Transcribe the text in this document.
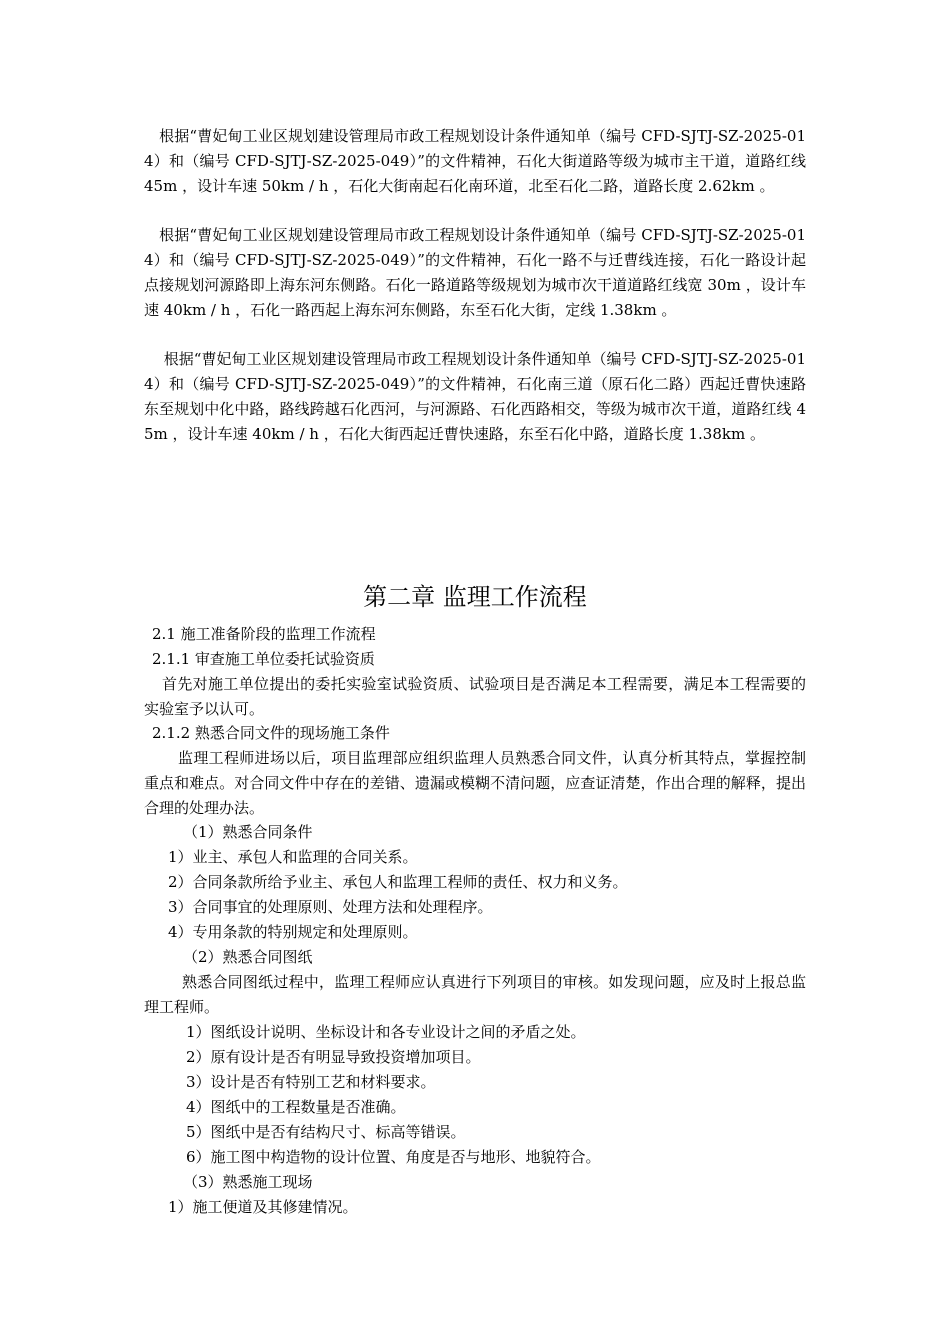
　根据“曹妃甸工业区规划建设管理局市政工程规划设计条件通知单（编号 CFD-SJTJ-SZ-2025-014）和（编号 CFD-SJTJ-SZ-2025-049）”的文件精神，石化大街道路等级为城市主干道，道路红线 45m ，设计车速 50km / h ，石化大街南起石化南环道，北至石化二路，道路长度 2.62km 。

　根据“曹妃甸工业区规划建设管理局市政工程规划设计条件通知单（编号 CFD-SJTJ-SZ-2025-014）和（编号 CFD-SJTJ-SZ-2025-049）”的文件精神，石化一路不与迁曹线连接，石化一路设计起点接规划河源路即上海东河东侧路。石化一路道路等级规划为城市次干道道路红线宽 30m ，设计车速 40km / h ，石化一路西起上海东河东侧路，东至石化大街，定线 1.38km 。

　 根据“曹妃甸工业区规划建设管理局市政工程规划设计条件通知单（编号 CFD-SJTJ-SZ-2025-014）和（编号 CFD-SJTJ-SZ-2025-049）”的文件精神，石化南三道（原石化二路）西起迁曹快速路东至规划中化中路，路线跨越石化西河，与河源路、石化西路相交，等级为城市次干道，道路红线 45m ，设计车速 40km / h ，石化大街西起迁曹快速路，东至石化中路，道路长度 1.38km 。

第二章 监理工作流程

2.1 施工准备阶段的监理工作流程

2.1.1 审查施工单位委托试验资质

首先对施工单位提出的委托实验室试验资质、试验项目是否满足本工程需要，满足本工程需要的实验室予以认可。

2.1.2 熟悉合同文件的现场施工条件

监理工程师进场以后，项目监理部应组织监理人员熟悉合同文件，认真分析其特点，掌握控制重点和难点。对合同文件中存在的差错、遗漏或模糊不清问题，应查证清楚，作出合理的解释，提出合理的处理办法。

（1）熟悉合同条件

1）业主、承包人和监理的合同关系。

2）合同条款所给予业主、承包人和监理工程师的责任、权力和义务。

3）合同事宜的处理原则、处理方法和处理程序。

4）专用条款的特别规定和处理原则。

（2）熟悉合同图纸

熟悉合同图纸过程中，监理工程师应认真进行下列项目的审核。如发现问题，应及时上报总监理工程师。

1）图纸设计说明、坐标设计和各专业设计之间的矛盾之处。

2）原有设计是否有明显导致投资增加项目。

3）设计是否有特别工艺和材料要求。

4）图纸中的工程数量是否准确。

5）图纸中是否有结构尺寸、标高等错误。

6）施工图中构造物的设计位置、角度是否与地形、地貌符合。

（3）熟悉施工现场

1）施工便道及其修建情况。
